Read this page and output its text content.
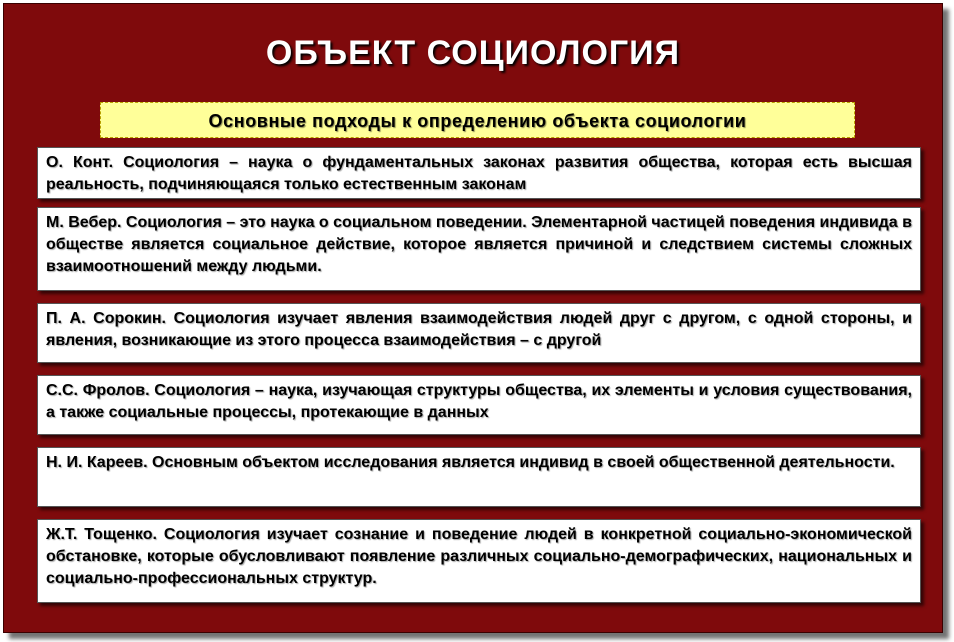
ОБЪЕКТ СОЦИОЛОГИЯ
Основные подходы к определению объекта социологии
О. Конт. Социология – наука о фундаментальных законах развития общества, которая есть высшая реальность, подчиняющаяся только естественным законам
М. Вебер. Социология – это наука о социальном поведении. Элементарной частицей поведения индивида в обществе является социальное действие, которое является причиной и следствием системы сложных взаимоотношений между людьми.
П. А. Сорокин. Социология изучает явления взаимодействия людей друг с другом, с одной стороны, и явления, возникающие из этого процесса взаимодействия – с другой
С.С. Фролов. Социология – наука, изучающая структуры общества, их элементы и условия существования, а также социальные процессы, протекающие в данных
Н. И. Кареев. Основным объектом исследования является индивид в своей общественной деятельности.
Ж.Т. Тощенко. Социология изучает сознание и поведение людей в конкретной социально-экономической обстановке, которые обусловливают появление различных социально-демографических, национальных и социально-профессиональных структур.
